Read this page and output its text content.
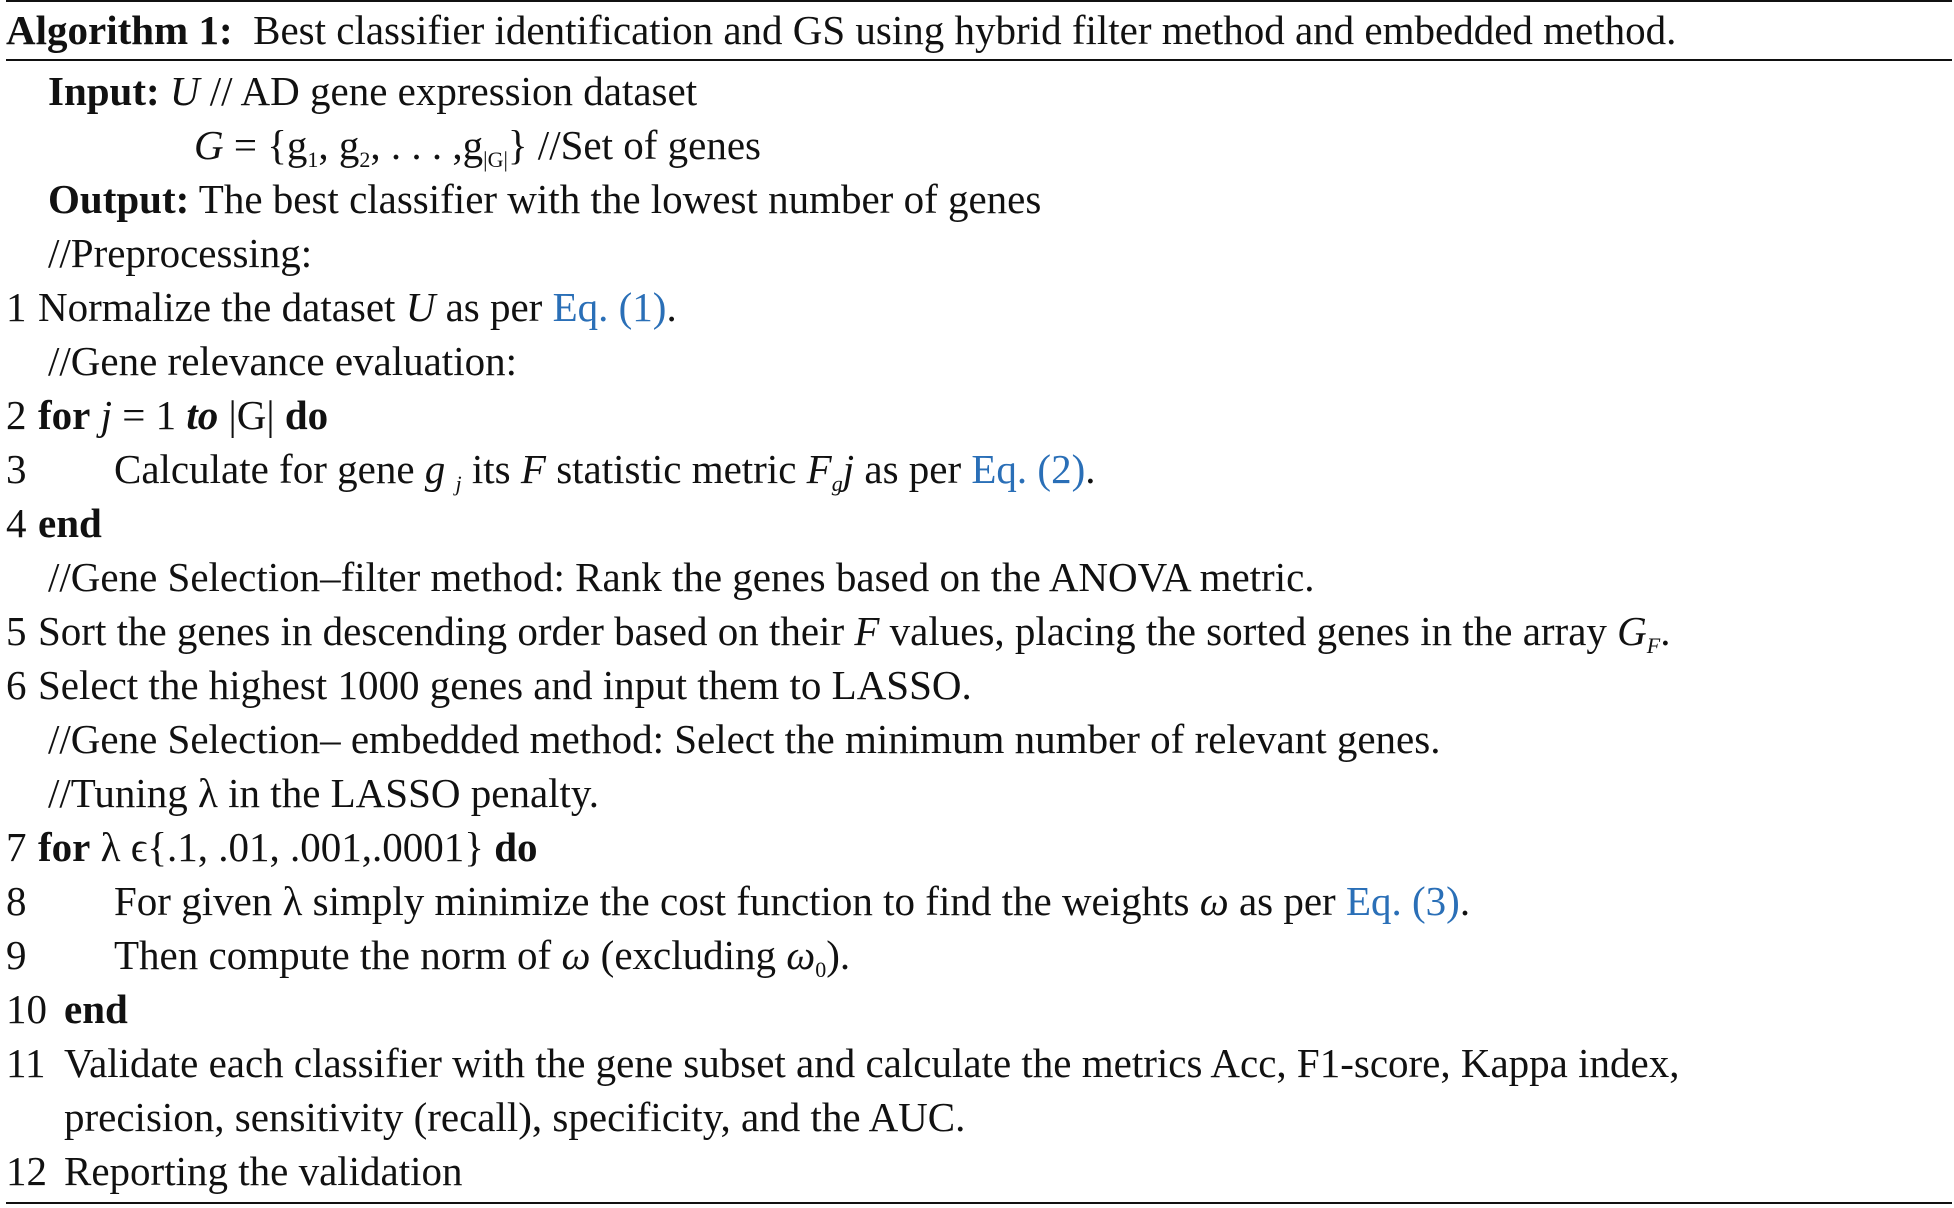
Algorithm 1: Best classifier identification and GS using hybrid filter method and embedded method.
Input: U // AD gene expression dataset
$G = \{g_1$, $g_2$, . . . $,g_{|G|}$} //Set of genes
Output: The best classifier with the lowest number of genes
//Preprocessing:
1 Normalize the dataset U as per Eq. (1).
//Gene relevance evaluation:
2 for j = 1 to |G| do
3	Calculate for gene g $_j$ its F statistic metric $F_gj$ as per Eq. (2).
4 end
//Gene Selection–filter method: Rank the genes based on the ANOVA metric.
5 Sort the genes in descending order based on their F values, placing the sorted genes in the array $G_F$.
6 Select the highest 1000 genes and input them to LASSO.
//Gene Selection– embedded method: Select the minimum number of relevant genes.
//Tuning λ in the LASSO penalty.
7 for λ ϵ{.1, .01, .001,.0001} do
8	For given λ simply minimize the cost function to find the weights ω as per Eq. (3).
9	Then compute the norm of ω (excluding $\omega_0$).
10 end
11 Validate each classifier with the gene subset and calculate the metrics Acc, F1-score, Kappa index,
precision, sensitivity (recall), specificity, and the AUC.
12 Reporting the validation
